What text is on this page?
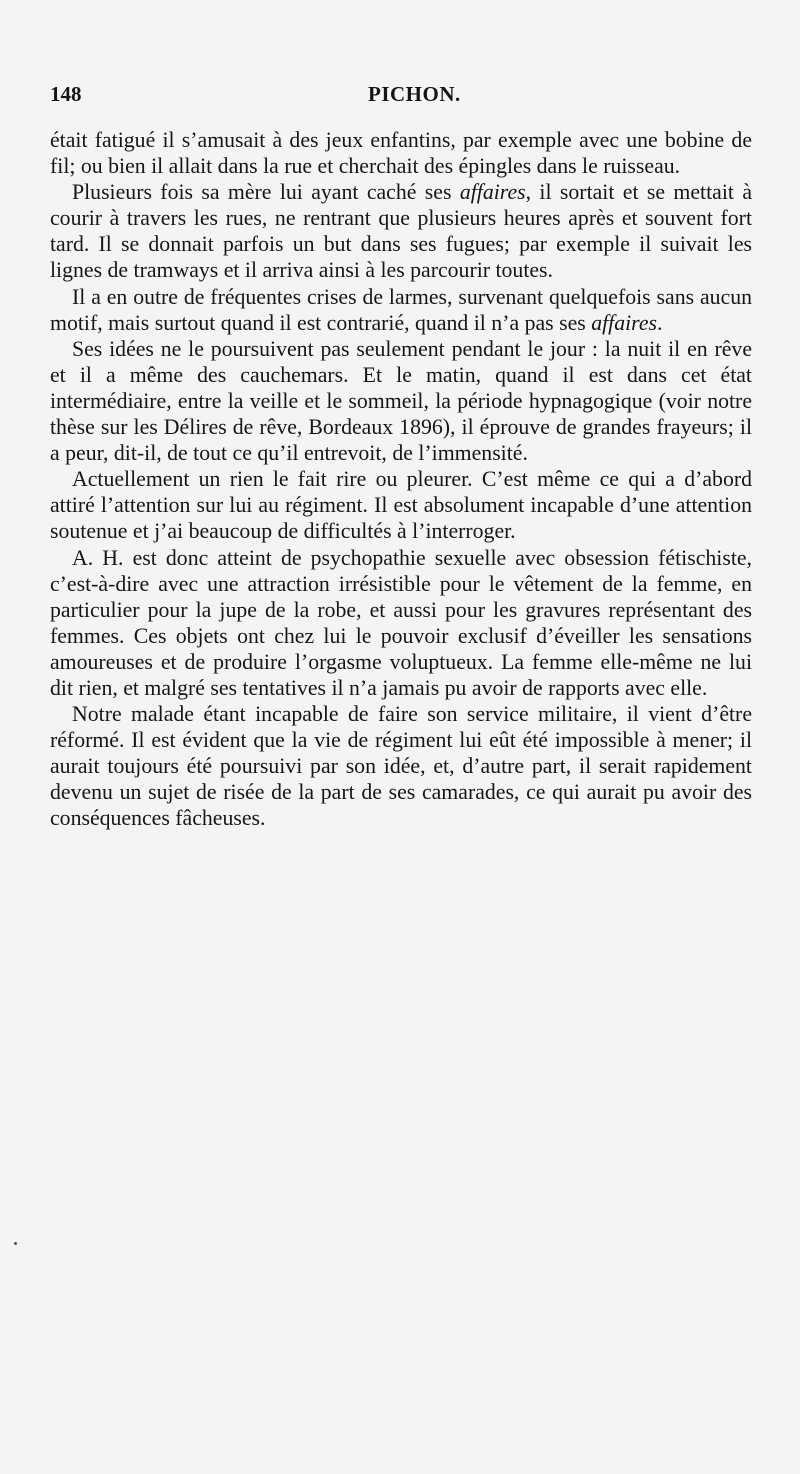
148	PICHON.

était fatigué il s’amusait à des jeux enfantins, par exemple avec une bobine de fil; ou bien il allait dans la rue et cherchait des épingles dans le ruisseau.

Plusieurs fois sa mère lui ayant caché ses affaires, il sortait et se mettait à courir à travers les rues, ne rentrant que plusieurs heures après et souvent fort tard. Il se donnait parfois un but dans ses fugues; par exemple il suivait les lignes de tramways et il arriva ainsi à les parcourir toutes.

Il a en outre de fréquentes crises de larmes, survenant quelquefois sans aucun motif, mais surtout quand il est contrarié, quand il n’a pas ses affaires.

Ses idées ne le poursuivent pas seulement pendant le jour : la nuit il en rêve et il a même des cauchemars. Et le matin, quand il est dans cet état intermédiaire, entre la veille et le sommeil, la période hypnagogique (voir notre thèse sur les Délires de rêve, Bordeaux 1896), il éprouve de grandes frayeurs; il a peur, dit-il, de tout ce qu’il entrevoit, de l’immensité.

Actuellement un rien le fait rire ou pleurer. C’est même ce qui a d’abord attiré l’attention sur lui au régiment. Il est absolument incapable d’une attention soutenue et j’ai beaucoup de difficultés à l’interroger.

A. H. est donc atteint de psychopathie sexuelle avec obsession fétischiste, c’est-à-dire avec une attraction irrésistible pour le vêtement de la femme, en particulier pour la jupe de la robe, et aussi pour les gravures représentant des femmes. Ces objets ont chez lui le pouvoir exclusif d’éveiller les sensations amoureuses et de produire l’orgasme voluptueux. La femme elle-même ne lui dit rien, et malgré ses tentatives il n’a jamais pu avoir de rapports avec elle.

Notre malade étant incapable de faire son service militaire, il vient d’être réformé. Il est évident que la vie de régiment lui eût été impossible à mener; il aurait toujours été poursuivi par son idée, et, d’autre part, il serait rapidement devenu un sujet de risée de la part de ses camarades, ce qui aurait pu avoir des conséquences fâcheuses.
